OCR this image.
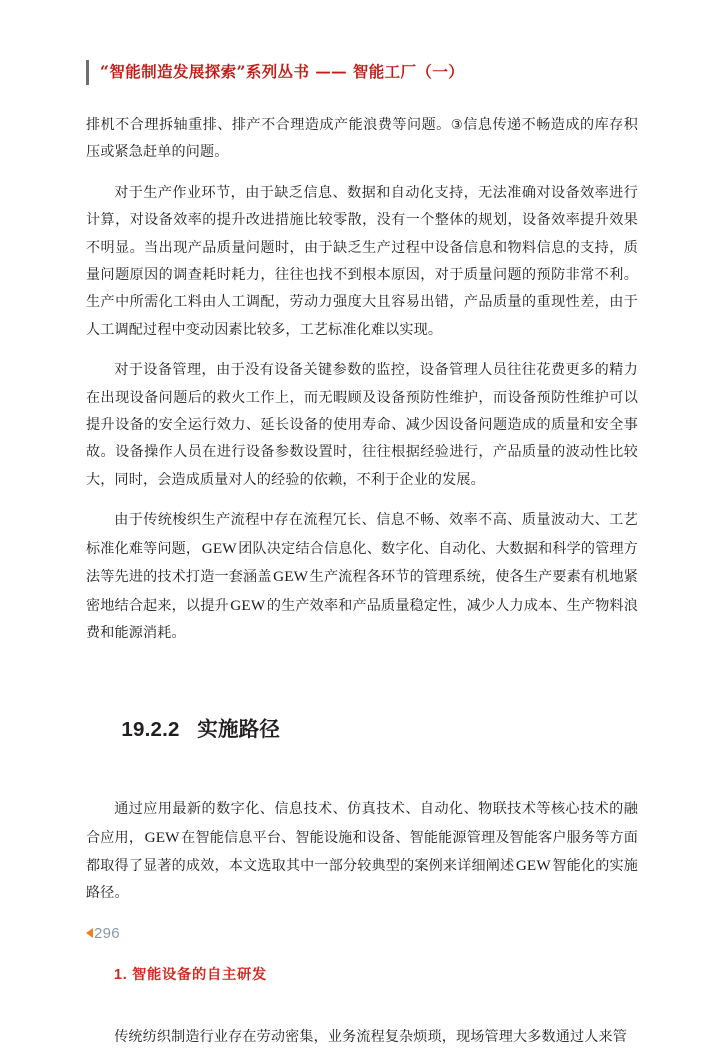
“智能制造发展探索”系列丛书 —— 智能工厂（一）

排机不合理拆轴重排、排产不合理造成产能浪费等问题。③信息传递不畅造成的库存积压或紧急赶单的问题。

对于生产作业环节，由于缺乏信息、数据和自动化支持，无法准确对设备效率进行计算，对设备效率的提升改进措施比较零散，没有一个整体的规划，设备效率提升效果不明显。当出现产品质量问题时，由于缺乏生产过程中设备信息和物料信息的支持，质量问题原因的调查耗时耗力，往往也找不到根本原因，对于质量问题的预防非常不利。生产中所需化工料由人工调配，劳动力强度大且容易出错，产品质量的重现性差，由于人工调配过程中变动因素比较多，工艺标准化难以实现。

对于设备管理，由于没有设备关键参数的监控，设备管理人员往往花费更多的精力在出现设备问题后的救火工作上，而无暇顾及设备预防性维护，而设备预防性维护可以提升设备的安全运行效力、延长设备的使用寿命、减少因设备问题造成的质量和安全事故。设备操作人员在进行设备参数设置时，往往根据经验进行，产品质量的波动性比较大，同时，会造成质量对人的经验的依赖，不利于企业的发展。

由于传统梭织生产流程中存在流程冗长、信息不畅、效率不高、质量波动大、工艺标准化难等问题，GEW 团队决定结合信息化、数字化、自动化、大数据和科学的管理方法等先进的技术打造一套涵盖GEW 生产流程各环节的管理系统，使各生产要素有机地紧密地结合起来，以提升GEW 的生产效率和产品质量稳定性，减少人力成本、生产物料浪费和能源消耗。

19.2.2 实施路径

通过应用最新的数字化、信息技术、仿真技术、自动化、物联技术等核心技术的融合应用，GEW 在智能信息平台、智能设施和设备、智能能源管理及智能客户服务等方面都取得了显著的成效，本文选取其中一部分较典型的案例来详细阐述GEW 智能化的实施路径。

1. 智能设备的自主研发

传统纺织制造行业存在劳动密集，业务流程复杂烦琐，现场管理大多数通过人来管

296
